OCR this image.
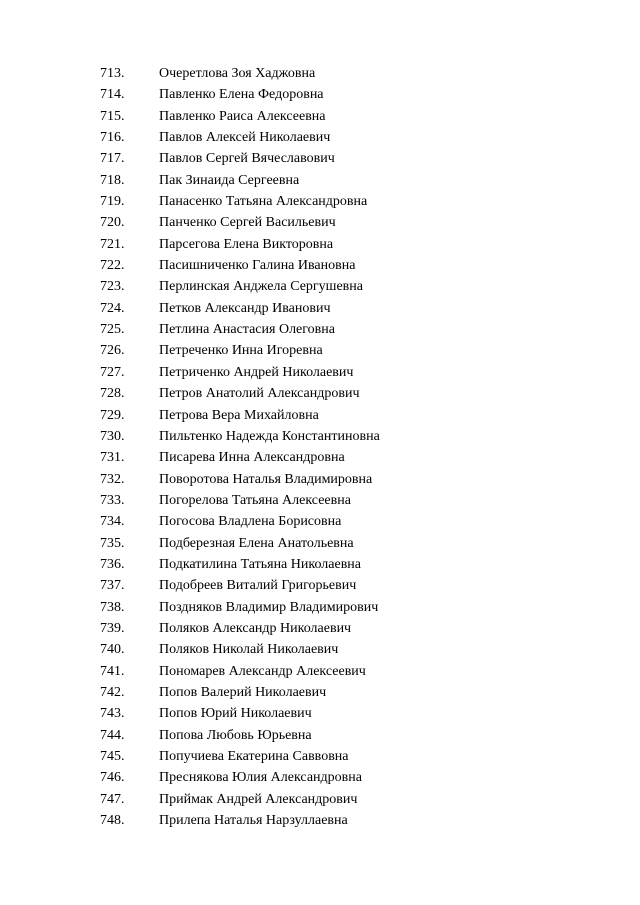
713.	Очеретлова Зоя Хаджовна
714.	Павленко Елена Федоровна
715.	Павленко Раиса Алексеевна
716.	Павлов Алексей Николаевич
717.	Павлов Сергей Вячеславович
718.	Пак Зинаида Сергеевна
719.	Панасенко Татьяна Александровна
720.	Панченко Сергей Васильевич
721.	Парсегова Елена Викторовна
722.	Пасишниченко Галина Ивановна
723.	Перлинская Анджела Сергушевна
724.	Петков Александр Иванович
725.	Петлина Анастасия Олеговна
726.	Петреченко Инна Игоревна
727.	Петриченко Андрей Николаевич
728.	Петров Анатолий Александрович
729.	Петрова Вера Михайловна
730.	Пильтенко Надежда Константиновна
731.	Писарева Инна Александровна
732.	Поворотова Наталья Владимировна
733.	Погорелова Татьяна Алексеевна
734.	Погосова Владлена Борисовна
735.	Подберезная Елена Анатольевна
736.	Подкатилина Татьяна Николаевна
737.	Подобреев Виталий Григорьевич
738.	Поздняков Владимир Владимирович
739.	Поляков Александр Николаевич
740.	Поляков Николай Николаевич
741.	Пономарев Александр Алексеевич
742.	Попов Валерий Николаевич
743.	Попов Юрий Николаевич
744.	Попова Любовь Юрьевна
745.	Попучиева Екатерина Саввовна
746.	Преснякова Юлия Александровна
747.	Приймак Андрей Александрович
748.	Прилепа Наталья Нарзуллаевна
